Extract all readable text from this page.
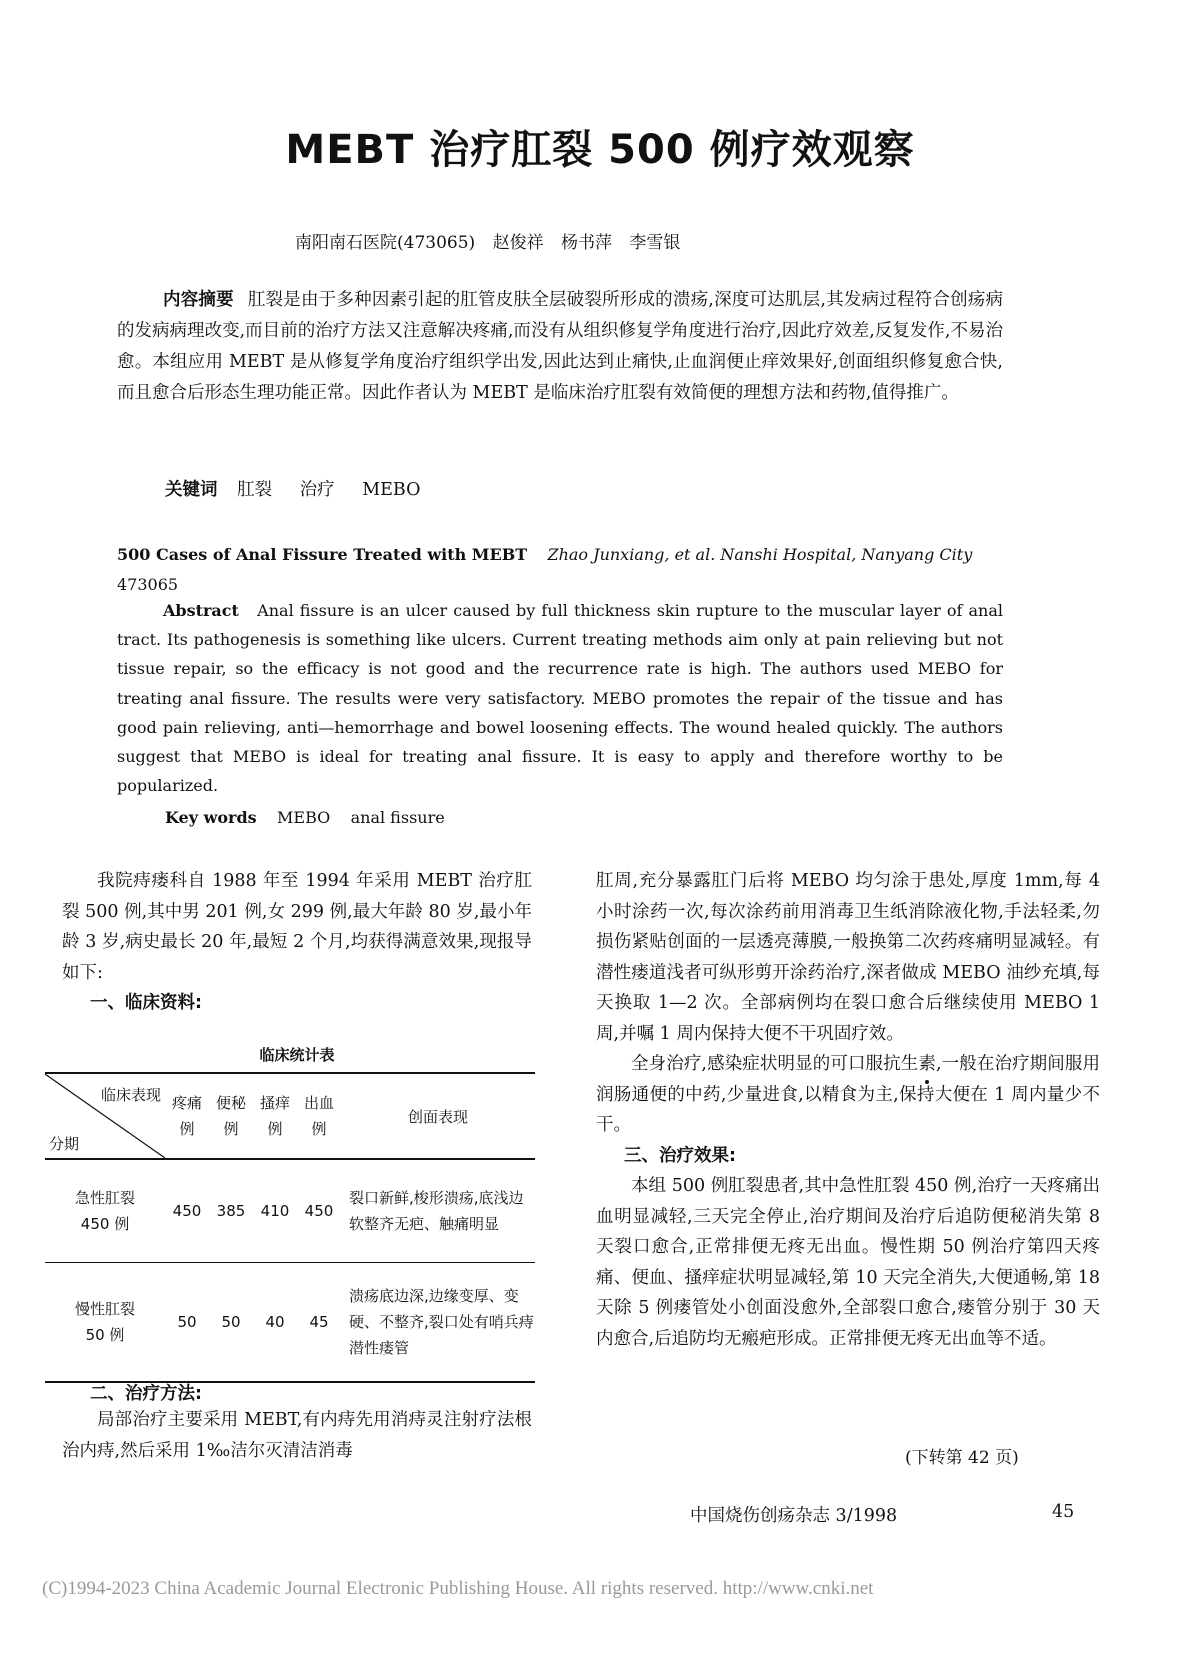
MEBT 治疗肛裂 500 例疗效观察
南阳南石医院(473065) 赵俊祥 杨书萍 李雪银
内容摘要 肛裂是由于多种因素引起的肛管皮肤全层破裂所形成的溃疡,深度可达肌层,其发病过程符合创疡病的发病病理改变,而目前的治疗方法又注意解决疼痛,而没有从组织修复学角度进行治疗,因此疗效差,反复发作,不易治愈。本组应用 MEBT 是从修复学角度治疗组织学出发,因此达到止痛快,止血润便止痒效果好,创面组织修复愈合快,而且愈合后形态生理功能正常。因此作者认为 MEBT 是临床治疗肛裂有效简便的理想方法和药物,值得推广。
关键词 肛裂 治疗 MEBO
500 Cases of Anal Fissure Treated with MEBT Zhao Junxiang, et al. Nanshi Hospital, Nanyang City 473065
Abstract Anal fissure is an ulcer caused by full thickness skin rupture to the muscular layer of anal tract. Its pathogenesis is something like ulcers. Current treating methods aim only at pain relieving but not tissue repair, so the efficacy is not good and the recurrence rate is high. The authors used MEBO for treating anal fissure. The results were very satisfactory. MEBO promotes the repair of the tissue and has good pain relieving, anti—hemorrhage and bowel loosening effects. The wound healed quickly. The authors suggest that MEBO is ideal for treating anal fissure. It is easy to apply and therefore worthy to be popularized.
Key words MEBO anal fissure

我院痔瘘科自 1988 年至 1994 年采用 MEBT 治疗肛裂 500 例,其中男 201 例,女 299 例,最大年龄 80 岁,最小年龄 3 岁,病史最长 20 年,最短 2 个月,均获得满意效果,现报导如下:

一、临床资料:
临床统计表
临床表现
分期	疼痛例	便秘例	搔痒例	出血例	创面表现

急性肛裂
450 例	450	385	410	450	裂口新鲜,梭形溃疡,底浅边软整齐无疤、触痛明显

慢性肛裂
50 例	50	50	40	45	溃疡底边深,边缘变厚、变硬、不整齐,裂口处有哨兵痔潜性瘘管
二、治疗方法:

局部治疗主要采用 MEBT,有内痔先用消痔灵注射疗法根治内痔,然后采用 1‰洁尔灭清洁消毒

肛周,充分暴露肛门后将 MEBO 均匀涂于患处,厚度 1mm,每 4 小时涂药一次,每次涂药前用消毒卫生纸消除液化物,手法轻柔,勿损伤紧贴创面的一层透亮薄膜,一般换第二次药疼痛明显减轻。有潜性瘘道浅者可纵形剪开涂药治疗,深者做成 MEBO 油纱充填,每天换取 1—2 次。全部病例均在裂口愈合后继续使用 MEBO 1 周,并嘱 1 周内保持大便不干巩固疗效。

全身治疗,感染症状明显的可口服抗生素,一般在治疗期间服用润肠通便的中药,少量进食,以精食为主,保持大便在 1 周内量少不干。

三、治疗效果:

本组 500 例肛裂患者,其中急性肛裂 450 例,治疗一天疼痛出血明显减轻,三天完全停止,治疗期间及治疗后追防便秘消失第 8 天裂口愈合,正常排便无疼无出血。慢性期 50 例治疗第四天疼痛、便血、搔痒症状明显减轻,第 10 天完全消失,大便通畅,第 18 天除 5 例瘘管处小创面没愈外,全部裂口愈合,瘘管分别于 30 天内愈合,后追防均无瘢疤形成。正常排便无疼无出血等不适。

(下转第 42 页)
中国烧伤创疡杂志 3/1998	45
(C)1994-2023 China Academic Journal Electronic Publishing House. All rights reserved. http://www.cnki.net
